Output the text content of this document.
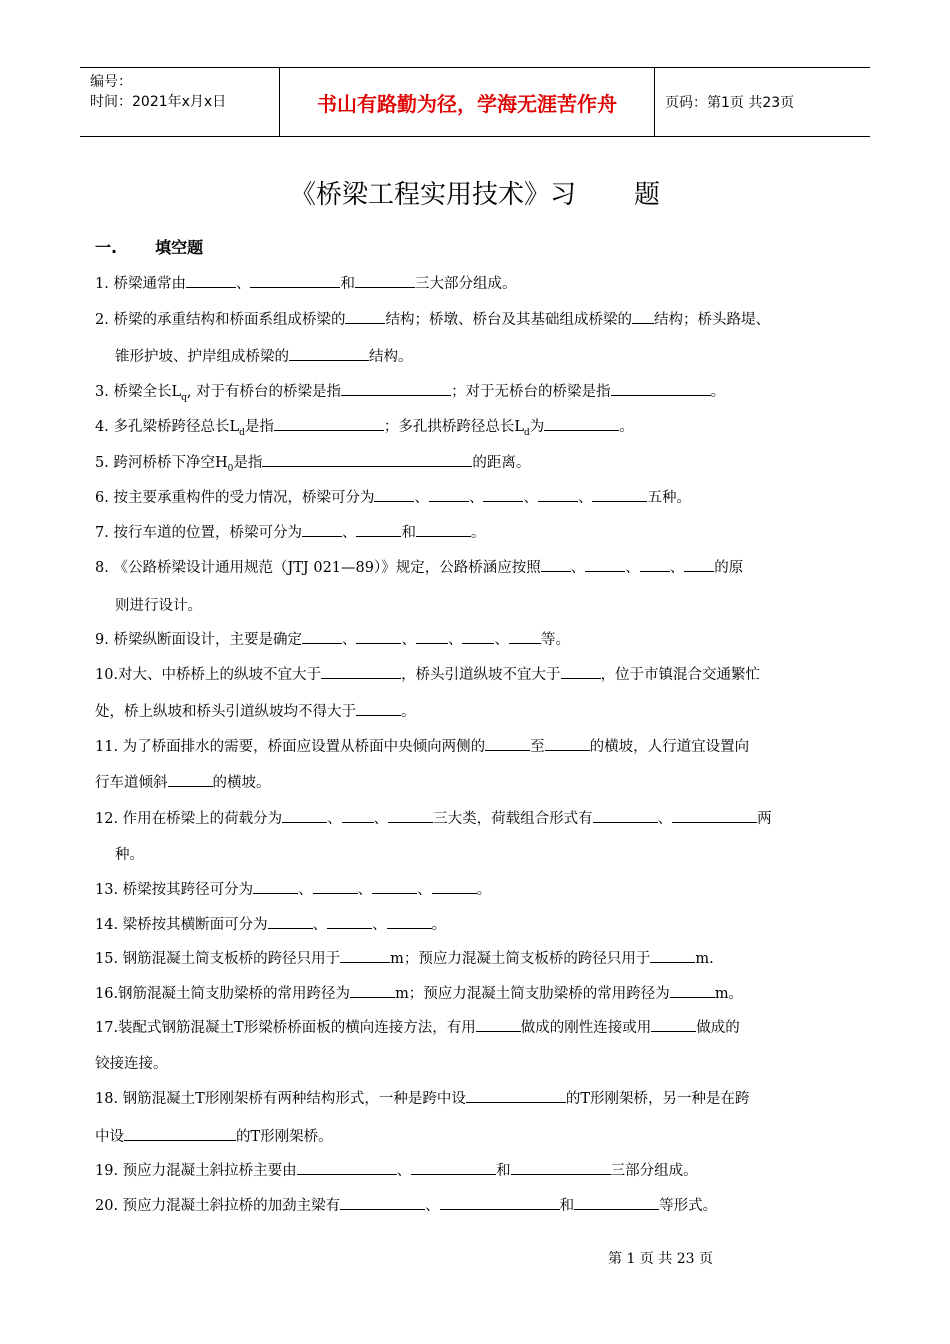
编号：
时间：2021年x月x日	书山有路勤为径，学海无涯苦作舟	页码：第1页 共23页
《桥梁工程实用技术》习 题
一. 填空题
1. 桥梁通常由	、	和	三大部分组成。
2. 桥梁的承重结构和桥面系组成桥梁的	结构；桥墩、桥台及其基础组成桥梁的 结构；桥头路堤、
锥形护坡、护岸组成桥梁的	结构。
3. 桥梁全长$L_q$, 对于有桥台的桥梁是指	；对于无桥台的桥梁是指	。
4. 多孔梁桥跨径总长$L_d$是指	；多孔拱桥跨径总长$L_d$为	。
5. 跨河桥桥下净空$H_0$是指	的距离。
6. 按主要承重构件的受力情况，桥梁可分为	、	、	、	、	五种。
7. 按行车道的位置，桥梁可分为	、	和	。
8. 《公路桥梁设计通用规范（JTJ 021—89）》规定，公路桥涵应按照 、	、 、 的原
则进行设计。
9. 桥梁纵断面设计，主要是确定	、	、 、 、 等。
10.对大、中桥桥上的纵坡不宜大于	，桥头引道纵坡不宜大于	，位于市镇混合交通繁忙
处，桥上纵坡和桥头引道纵坡均不得大于	。
11. 为了桥面排水的需要，桥面应设置从桥面中央倾向两侧的	至	的横坡，人行道宜设置向
行车道倾斜	的横坡。
12. 作用在桥梁上的荷载分为	、 、	三大类，荷载组合形式有	、	两
种。
13. 桥梁按其跨径可分为	、	、	、	。
14. 梁桥按其横断面可分为	、	、	。
15. 钢筋混凝土简支板桥的跨径只用于	m；预应力混凝土简支板桥的跨径只用于	m.
16.钢筋混凝土简支肋梁桥的常用跨径为	m；预应力混凝土简支肋梁桥的常用跨径为	m。
17.装配式钢筋混凝土T形梁桥桥面板的横向连接方法，有用	做成的刚性连接或用	做成的
铰接连接。
18. 钢筋混凝土T形刚架桥有两种结构形式，一种是跨中设	的T形刚架桥，另一种是在跨
中设	的T形刚架桥。
19. 预应力混凝土斜拉桥主要由	、	和	三部分组成。
20. 预应力混凝土斜拉桥的加劲主梁有	、	和	等形式。
第 1 页 共 23 页
